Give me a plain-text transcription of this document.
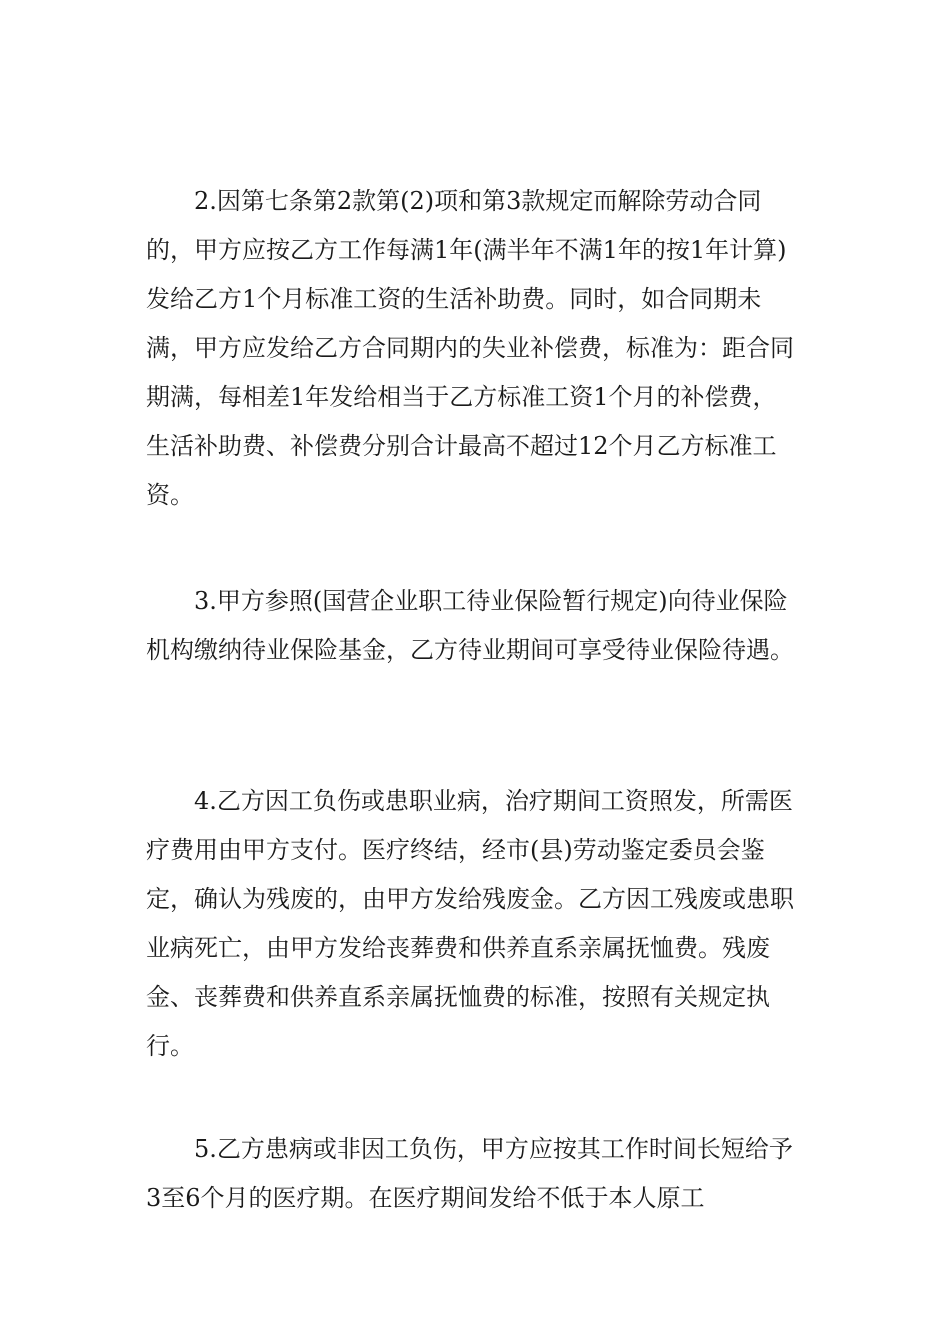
2.因第七条第2款第(2)项和第3款规定而解除劳动合同的，甲方应按乙方工作每满1年(满半年不满1年的按1年计算)发给乙方1个月标准工资的生活补助费。同时，如合同期未满，甲方应发给乙方合同期内的失业补偿费，标准为：距合同期满，每相差1年发给相当于乙方标准工资1个月的补偿费，生活补助费、补偿费分别合计最高不超过12个月乙方标准工资。

3.甲方参照(国营企业职工待业保险暂行规定)向待业保险机构缴纳待业保险基金，乙方待业期间可享受待业保险待遇。

4.乙方因工负伤或患职业病，治疗期间工资照发，所需医疗费用由甲方支付。医疗终结，经市(县)劳动鉴定委员会鉴定，确认为残废的，由甲方发给残废金。乙方因工残废或患职业病死亡，由甲方发给丧葬费和供养直系亲属抚恤费。残废金、丧葬费和供养直系亲属抚恤费的标准，按照有关规定执行。

5.乙方患病或非因工负伤，甲方应按其工作时间长短给予3至6个月的医疗期。在医疗期间发给不低于本人原工
